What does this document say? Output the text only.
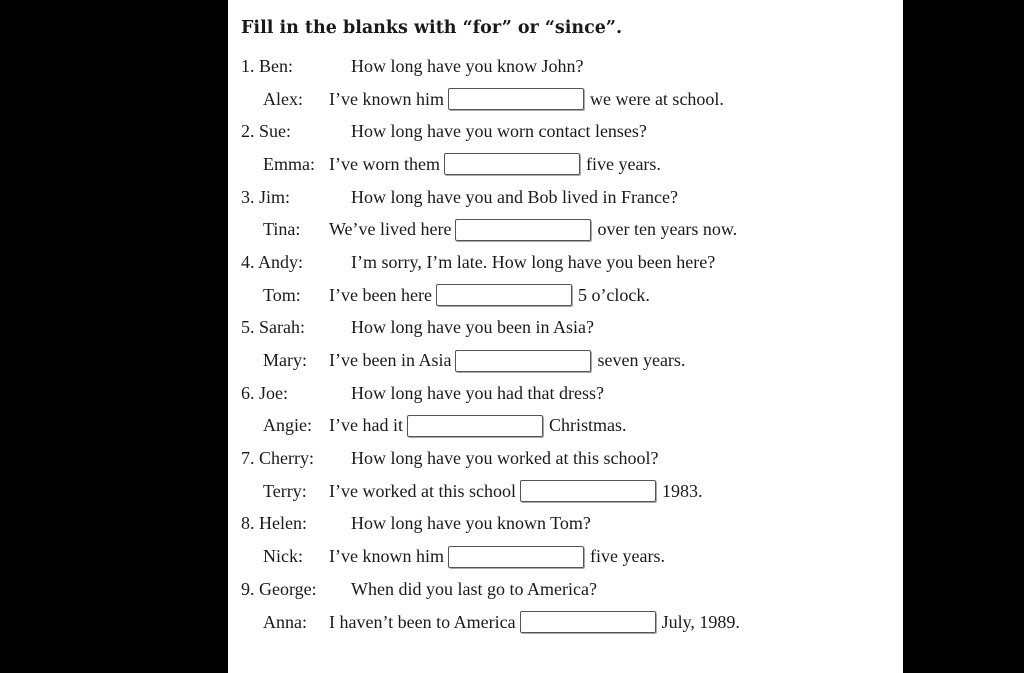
Fill in the blanks with “for” or “since”.
1. Ben:	How long have you know John?
Alex:	I’ve known him	we were at school.
2. Sue:	How long have you worn contact lenses?
Emma: I’ve worn them	five years.
3. Jim:	How long have you and Bob lived in France?
Tina:	We’ve lived here	over ten years now.
4. Andy:	I’m sorry, I’m late. How long have you been here?
Tom:	I’ve been here	5 o’clock.
5. Sarah:	How long have you been in Asia?
Mary:	I’ve been in Asia	seven years.
6. Joe:	How long have you had that dress?
Angie: I’ve had it	Christmas.
7. Cherry:	How long have you worked at this school?
Terry:	I’ve worked at this school	1983.
8. Helen:	How long have you known Tom?
Nick:	I’ve known him	five years.
9. George:	When did you last go to America?
Anna:	I haven’t been to America	July, 1989.
